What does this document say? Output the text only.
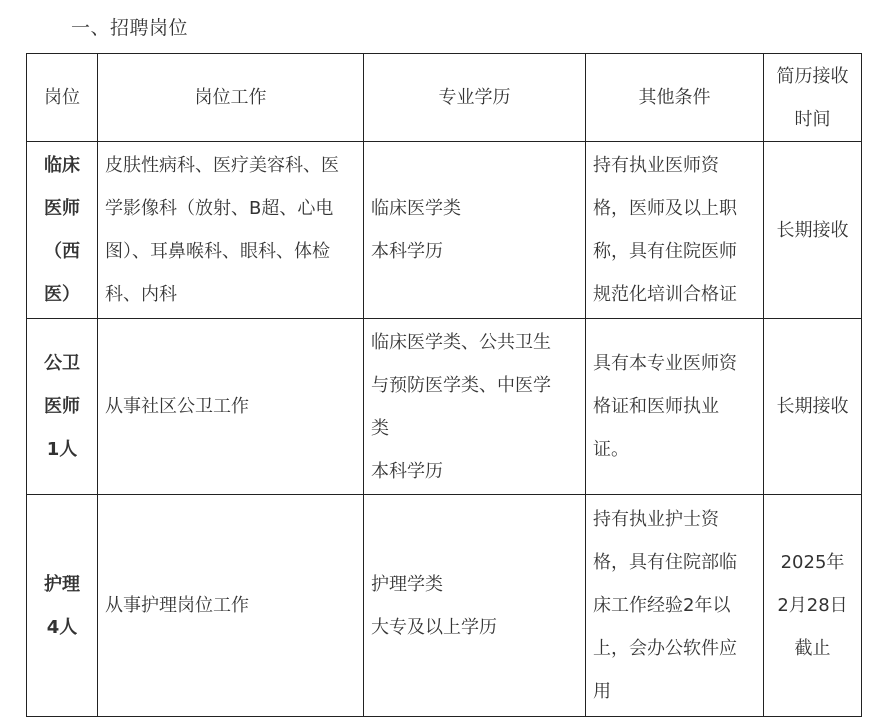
一、招聘岗位
岗位	岗位工作	专业学历	其他条件	简历接收
时间

临床
医师
（西
医）	皮肤性病科、医疗美容科、医
学影像科（放射、B超、心电
图）、耳鼻喉科、眼科、体检
科、内科	临床医学类
本科学历	持有执业医师资
格，医师及以上职
称，具有住院医师
规范化培训合格证	长期接收

公卫
医师
1人	从事社区公卫工作	临床医学类、公共卫生
与预防医学类、中医学
类
本科学历	具有本专业医师资
格证和医师执业
证。	长期接收

护理
4人	从事护理岗位工作	护理学类
大专及以上学历	持有执业护士资
格，具有住院部临
床工作经验2年以
上，会办公软件应
用	2025年
2月28日
截止
